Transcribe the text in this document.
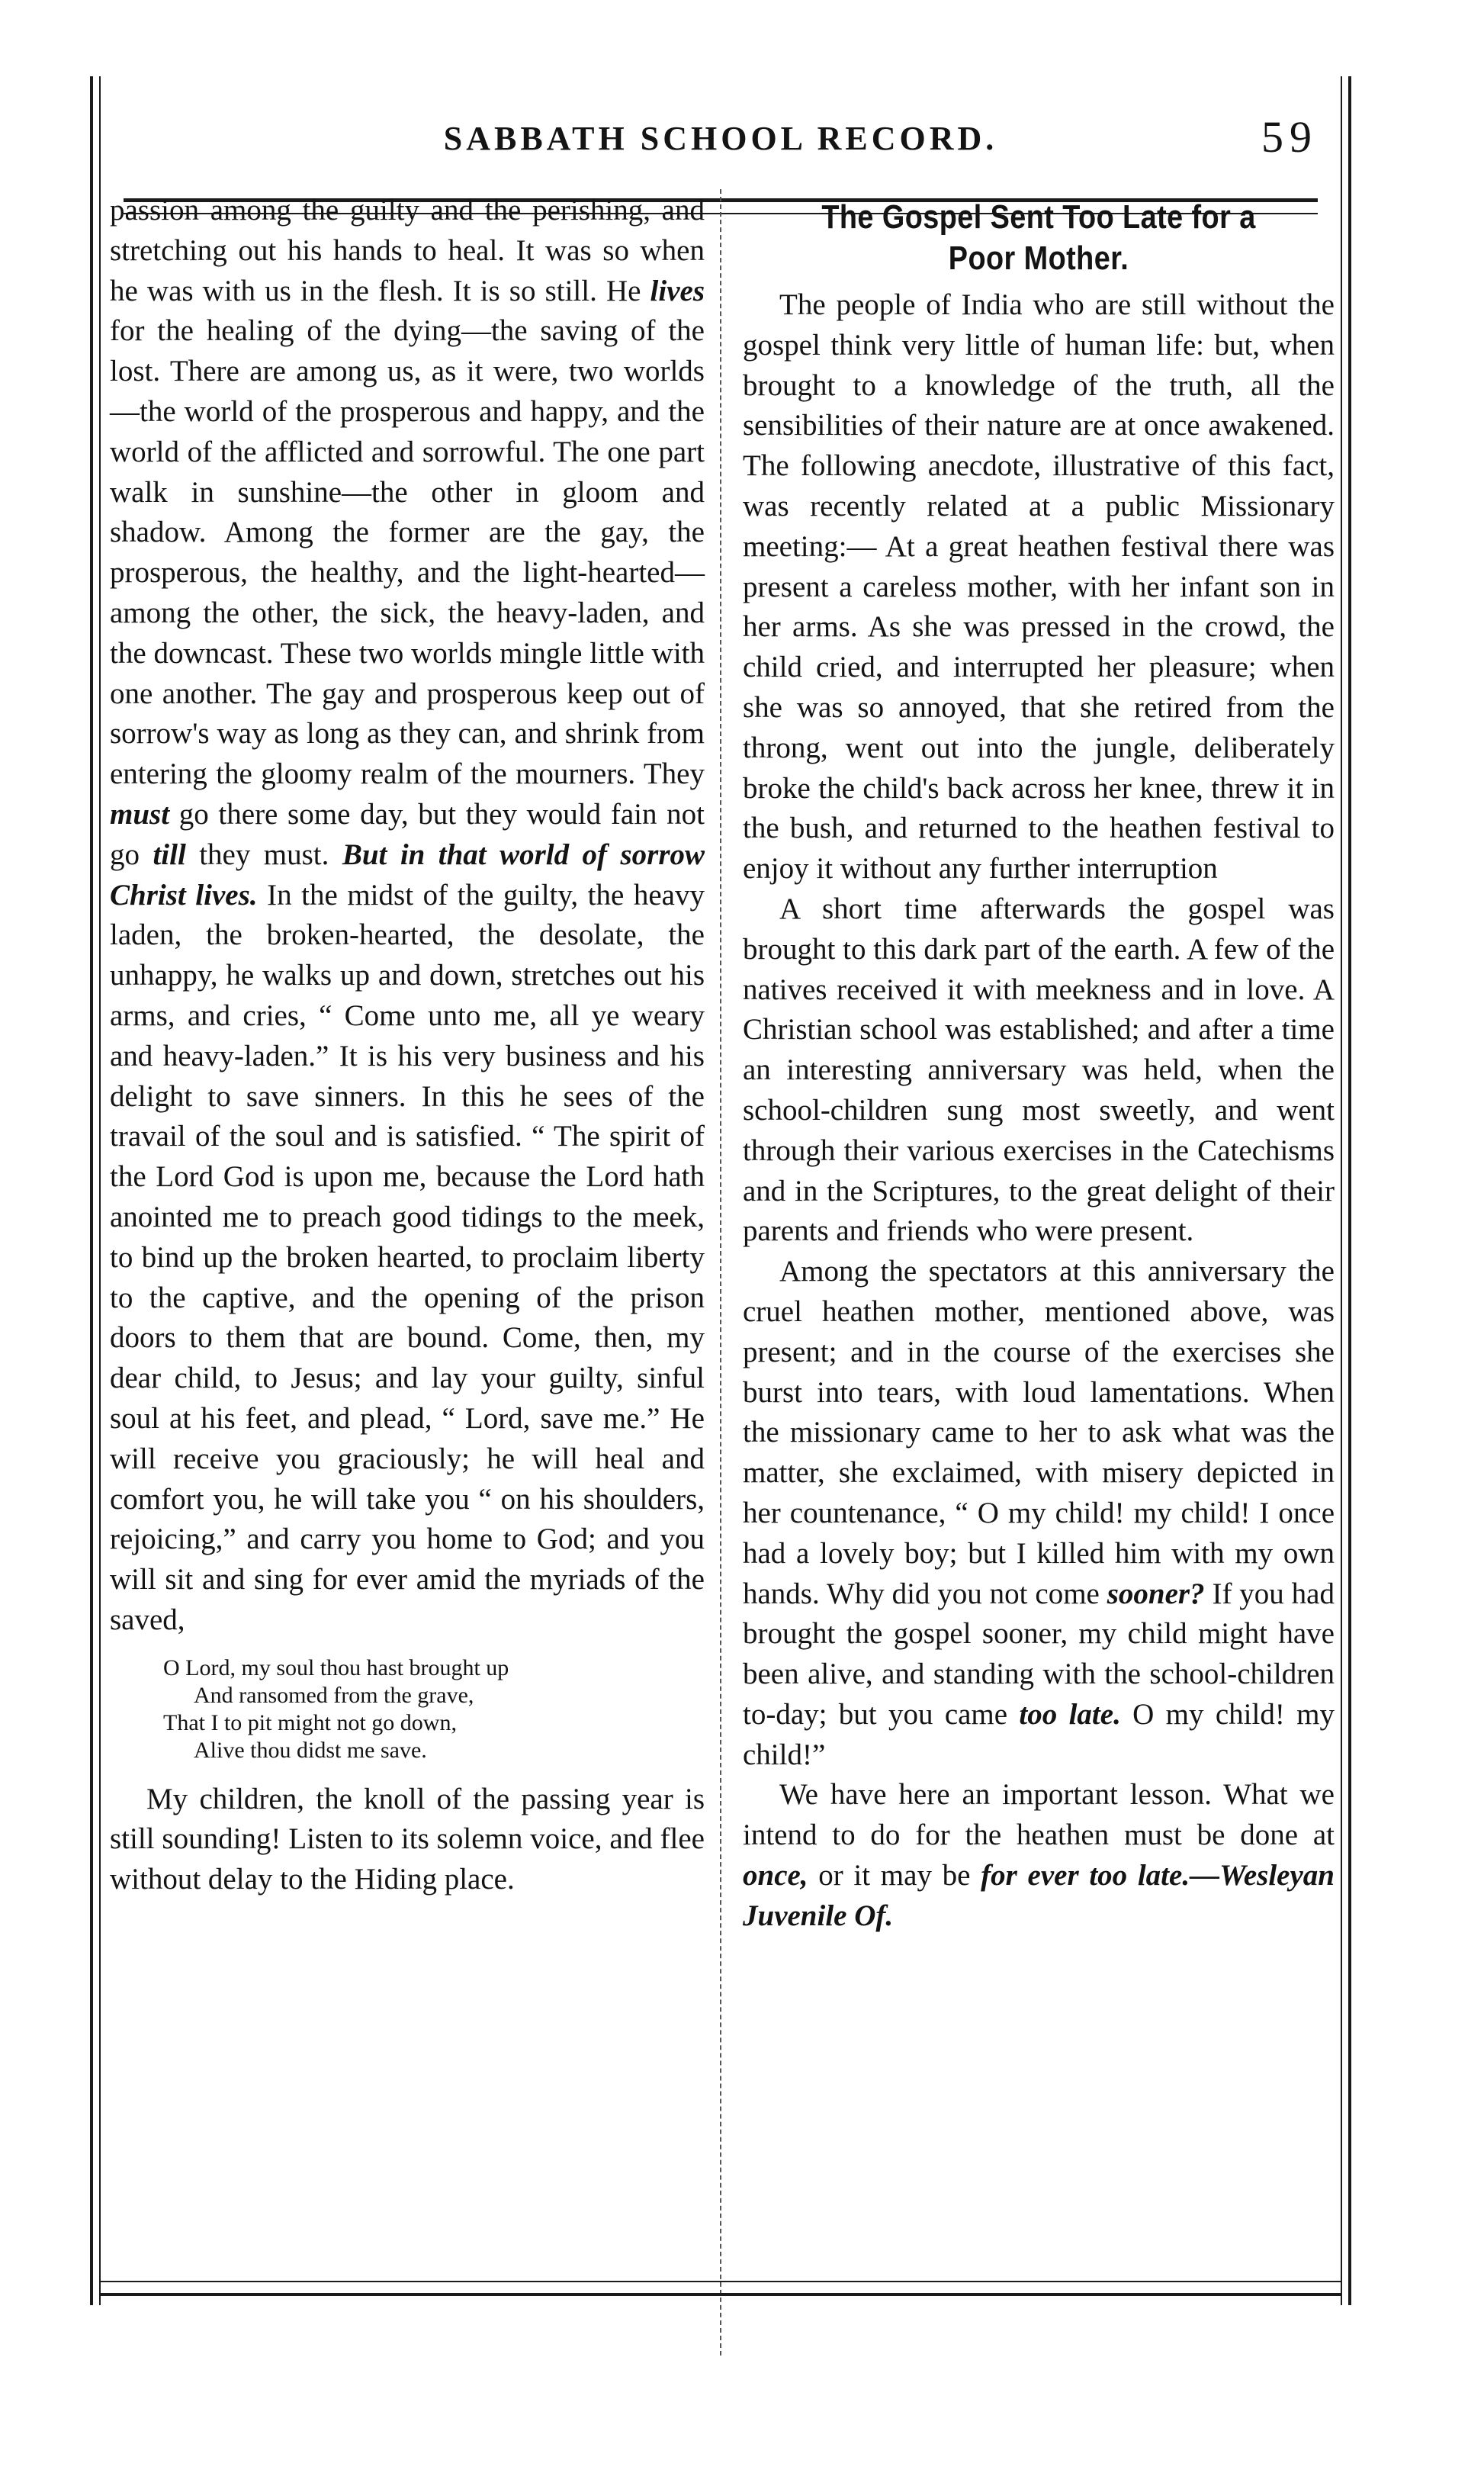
SABBATH SCHOOL RECORD.	59

passion among the guilty and the perishing, and stretching out his hands to heal. It was so when he was with us in the flesh. It is so still. He lives for the healing of the dying—the saving of the lost. There are among us, as it were, two worlds—the world of the prosperous and happy, and the world of the afflicted and sorrowful. The one part walk in sunshine—the other in gloom and shadow. Among the former are the gay, the prosperous, the healthy, and the light-hearted—among the other, the sick, the heavy-laden, and the downcast. These two worlds mingle little with one another. The gay and prosperous keep out of sorrow's way as long as they can, and shrink from entering the gloomy realm of the mourners. They must go there some day, but they would fain not go till they must. But in that world of sorrow Christ lives. In the midst of the guilty, the heavy laden, the broken-hearted, the desolate, the unhappy, he walks up and down, stretches out his arms, and cries, “ Come unto me, all ye weary and heavy-laden.” It is his very business and his delight to save sinners. In this he sees of the travail of the soul and is satisfied. “ The spirit of the Lord God is upon me, because the Lord hath anointed me to preach good tidings to the meek, to bind up the broken hearted, to proclaim liberty to the captive, and the opening of the prison doors to them that are bound. Come, then, my dear child, to Jesus; and lay your guilty, sinful soul at his feet, and plead, “ Lord, save me.” He will receive you graciously; he will heal and comfort you, he will take you “ on his shoulders, rejoicing,” and carry you home to God; and you will sit and sing for ever amid the myriads of the saved,

O Lord, my soul thou hast brought up

And ransomed from the grave,

That I to pit might not go down,

Alive thou didst me save.

My children, the knoll of the passing year is still sounding! Listen to its solemn voice, and flee without delay to the Hiding place.

The Gospel Sent Too Late for a Poor Mother.

The people of India who are still without the gospel think very little of human life: but, when brought to a knowledge of the truth, all the sensibilities of their nature are at once awakened. The following anecdote, illustrative of this fact, was recently related at a public Missionary meeting:— At a great heathen festival there was present a careless mother, with her infant son in her arms. As she was pressed in the crowd, the child cried, and interrupted her pleasure; when she was so annoyed, that she retired from the throng, went out into the jungle, deliberately broke the child's back across her knee, threw it in the bush, and returned to the heathen festival to enjoy it without any further interruption

A short time afterwards the gospel was brought to this dark part of the earth. A few of the natives received it with meekness and in love. A Christian school was established; and after a time an interesting anniversary was held, when the school-children sung most sweetly, and went through their various exercises in the Catechisms and in the Scriptures, to the great delight of their parents and friends who were present.

Among the spectators at this anniversary the cruel heathen mother, mentioned above, was present; and in the course of the exercises she burst into tears, with loud lamentations. When the missionary came to her to ask what was the matter, she exclaimed, with misery depicted in her countenance, “ O my child! my child! I once had a lovely boy; but I killed him with my own hands. Why did you not come sooner? If you had brought the gospel sooner, my child might have been alive, and standing with the school-children to-day; but you came too late. O my child! my child!”

We have here an important lesson. What we intend to do for the heathen must be done at once, or it may be for ever too late.—Wesleyan Juvenile Of.
